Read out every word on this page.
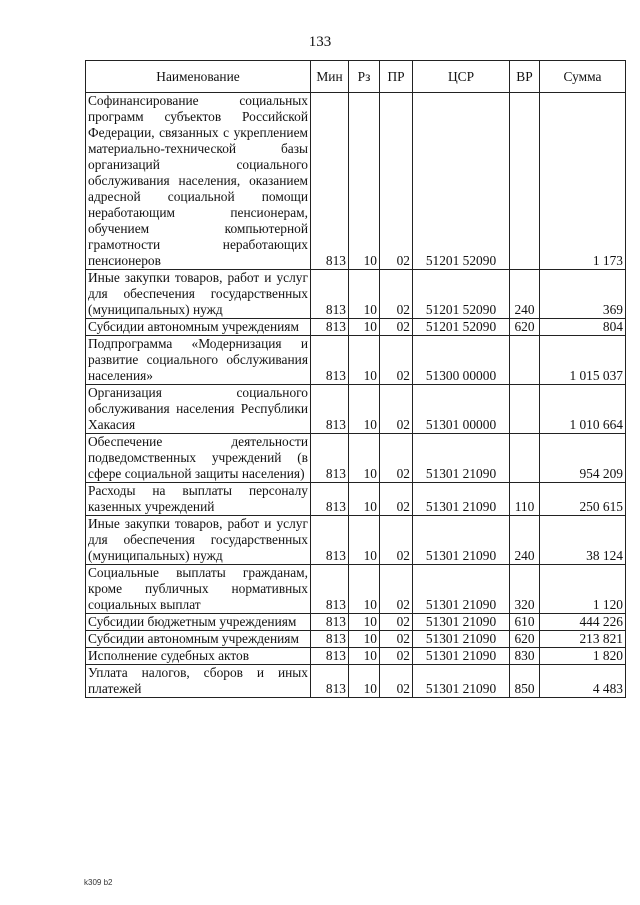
133
Наименование	Мин	Рз	ПР	ЦСР	ВР	Сумма
Софинансирование социальных программ субъектов Российской Федерации, связанных с укреплением материально-технической базы организаций социального обслуживания населения, оказанием адресной социальной помощи неработающим пенсионерам, обучением компьютерной грамотности неработающих пенсионеров	813	10	02	51201 52090		1 173
Иные закупки товаров, работ и услуг для обеспечения государственных (муниципальных) нужд	813	10	02	51201 52090	240	369
Субсидии автономным учреждениям	813	10	02	51201 52090	620	804
Подпрограмма «Модернизация и развитие социального обслуживания населения»	813	10	02	51300 00000		1 015 037
Организация социального обслуживания населения Республики Хакасия	813	10	02	51301 00000		1 010 664
Обеспечение деятельности подведомственных учреждений (в сфере социальной защиты населения)	813	10	02	51301 21090		954 209
Расходы на выплаты персоналу казенных учреждений	813	10	02	51301 21090	110	250 615
Иные закупки товаров, работ и услуг для обеспечения государственных (муниципальных) нужд	813	10	02	51301 21090	240	38 124
Социальные выплаты гражданам, кроме публичных нормативных социальных выплат	813	10	02	51301 21090	320	1 120
Субсидии бюджетным учреждениям	813	10	02	51301 21090	610	444 226
Субсидии автономным учреждениям	813	10	02	51301 21090	620	213 821
Исполнение судебных актов	813	10	02	51301 21090	830	1 820
Уплата налогов, сборов и иных платежей	813	10	02	51301 21090	850	4 483
k309 b2
